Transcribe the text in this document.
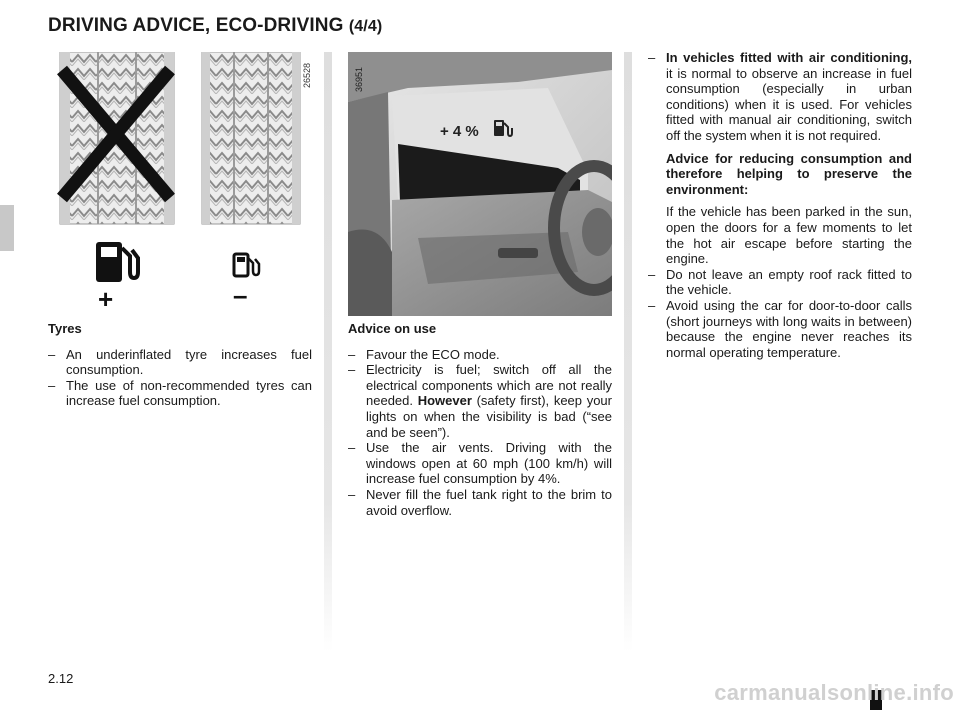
DRIVING ADVICE, ECO-DRIVING (4/4)
26528
+	–
+ 4 %
36951
Tyres
– An underinflated tyre increases fuel consumption.
– The use of non-recommended tyres can increase fuel consumption.
Advice on use
– Favour the ECO mode.
– Electricity is fuel; switch off all the electrical components which are not really needed. However (safety first), keep your lights on when the visibility is bad (“see and be seen”).
– Use the air vents. Driving with the windows open at 60 mph (100 km/h) will increase fuel consumption by 4%.
– Never fill the fuel tank right to the brim to avoid overflow.
– In vehicles fitted with air conditioning, it is normal to observe an increase in fuel consumption (especially in urban conditions) when it is used. For vehicles fitted with manual air conditioning, switch off the system when it is not required.
Advice for reducing consumption and therefore helping to preserve the environment:
If the vehicle has been parked in the sun, open the doors for a few moments to let the hot air escape before starting the engine.
– Do not leave an empty roof rack fitted to the vehicle.
– Avoid using the car for door-to-door calls (short journeys with long waits in between) because the engine never reaches its normal operating temperature.
2.12
carmanualsonline.info
